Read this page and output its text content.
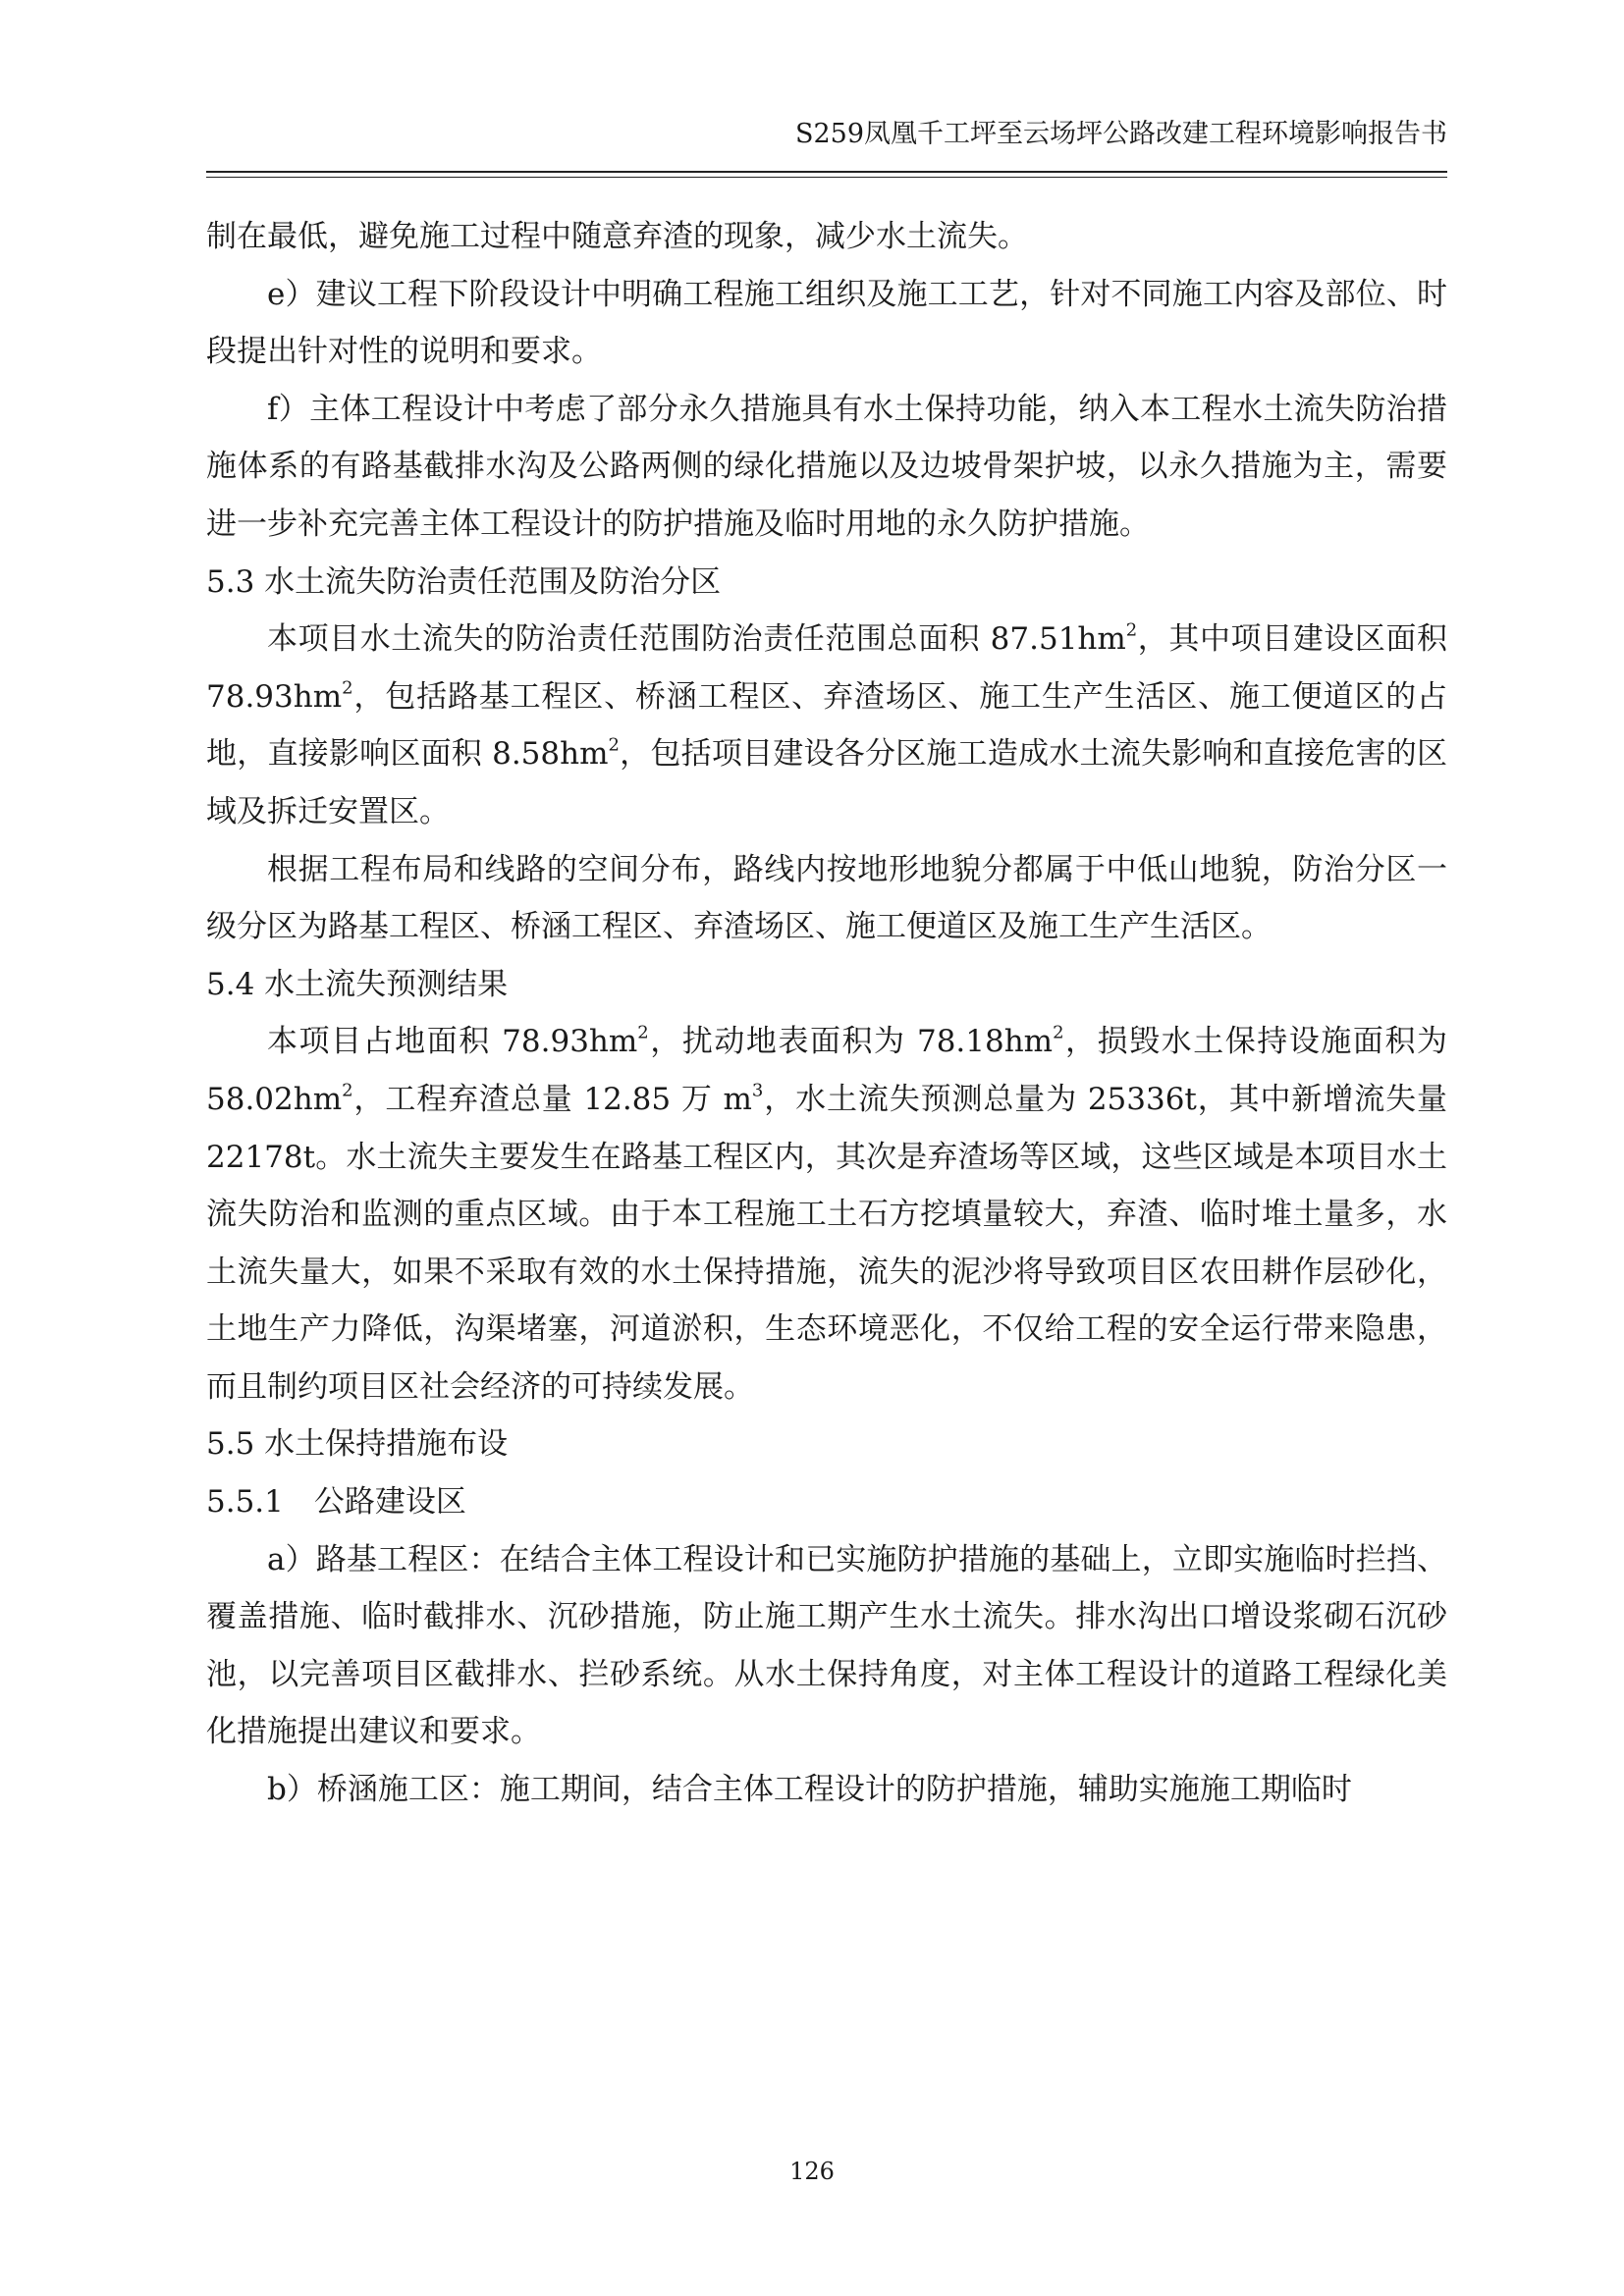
S259凤凰千工坪至云场坪公路改建工程环境影响报告书

制在最低，避免施工过程中随意弃渣的现象，减少水土流失。

e）建议工程下阶段设计中明确工程施工组织及施工工艺，针对不同施工内容及部位、时段提出针对性的说明和要求。

f）主体工程设计中考虑了部分永久措施具有水土保持功能，纳入本工程水土流失防治措施体系的有路基截排水沟及公路两侧的绿化措施以及边坡骨架护坡，以永久措施为主，需要进一步补充完善主体工程设计的防护措施及临时用地的永久防护措施。

5.3 水土流失防治责任范围及防治分区

本项目水土流失的防治责任范围防治责任范围总面积 $87.51hm^2$，其中项目建设区面积 $78.93hm^2$，包括路基工程区、桥涵工程区、弃渣场区、施工生产生活区、施工便道区的占地，直接影响区面积 $8.58hm^2$，包括项目建设各分区施工造成水土流失影响和直接危害的区域及拆迁安置区。

根据工程布局和线路的空间分布，路线内按地形地貌分都属于中低山地貌，防治分区一级分区为路基工程区、桥涵工程区、弃渣场区、施工便道区及施工生产生活区。

5.4 水土流失预测结果

本项目占地面积 $78.93hm^2$，扰动地表面积为 $78.18hm^2$，损毁水土保持设施面积为 $58.02hm^2$，工程弃渣总量 12.85 万 $m^3$，水土流失预测总量为 25336t，其中新增流失量 22178t。水土流失主要发生在路基工程区内，其次是弃渣场等区域，这些区域是本项目水土流失防治和监测的重点区域。由于本工程施工土石方挖填量较大，弃渣、临时堆土量多，水土流失量大，如果不采取有效的水土保持措施，流失的泥沙将导致项目区农田耕作层砂化，土地生产力降低，沟渠堵塞，河道淤积，生态环境恶化，不仅给工程的安全运行带来隐患，而且制约项目区社会经济的可持续发展。

5.5 水土保持措施布设
5.5.1　公路建设区

a）路基工程区：在结合主体工程设计和已实施防护措施的基础上，立即实施临时拦挡、覆盖措施、临时截排水、沉砂措施，防止施工期产生水土流失。排水沟出口增设浆砌石沉砂池，以完善项目区截排水、拦砂系统。从水土保持角度，对主体工程设计的道路工程绿化美化措施提出建议和要求。

b）桥涵施工区：施工期间，结合主体工程设计的防护措施，辅助实施施工期临时

126
